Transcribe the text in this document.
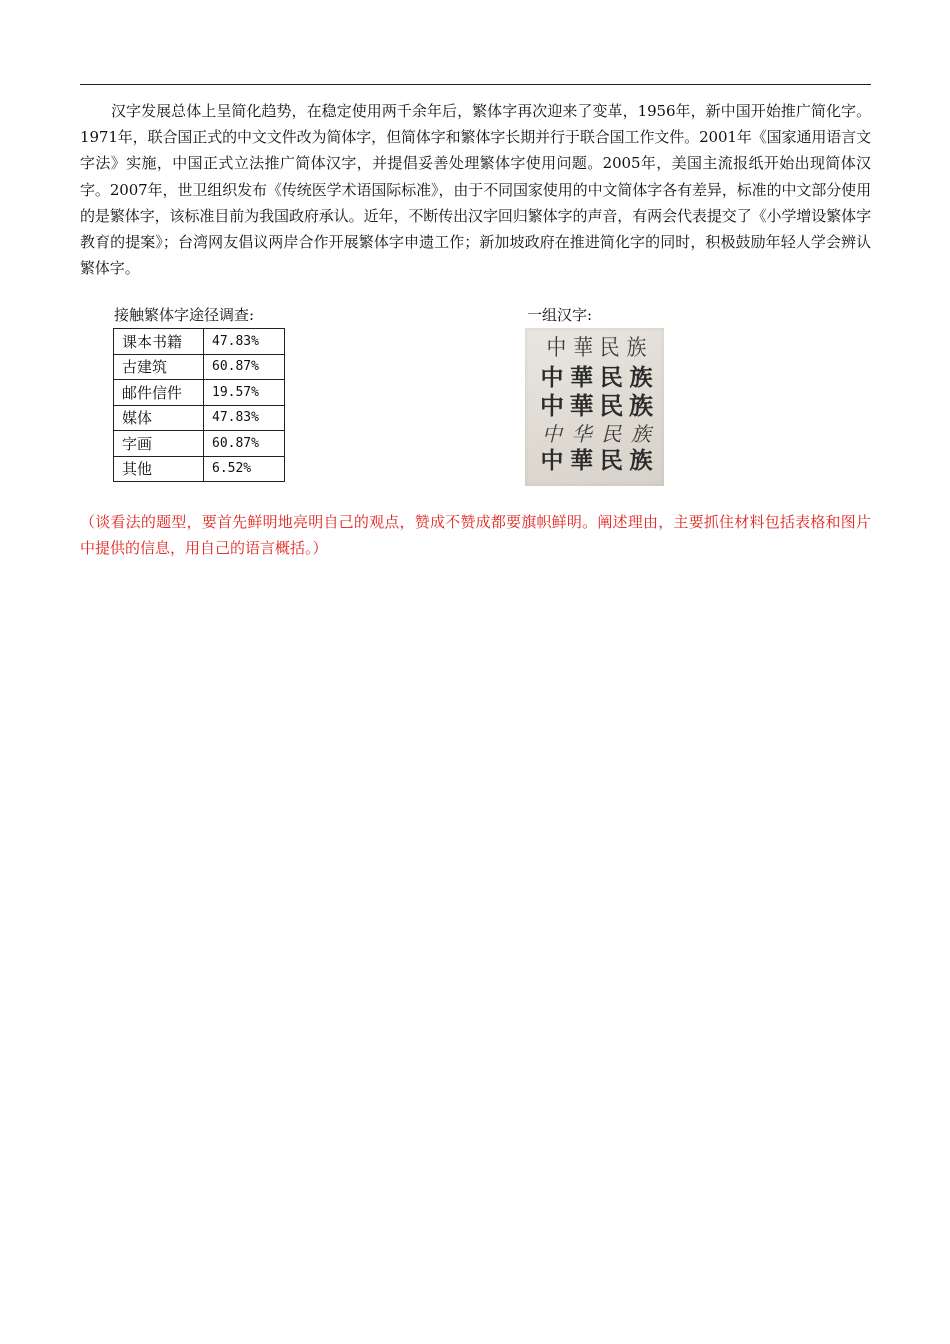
汉字发展总体上呈简化趋势，在稳定使用两千余年后，繁体字再次迎来了变革，1956年，新中国开始推广简化字。1971年，联合国正式的中文文件改为简体字，但简体字和繁体字长期并行于联合国工作文件。2001年《国家通用语言文字法》实施，中国正式立法推广简体汉字，并提倡妥善处理繁体字使用问题。2005年，美国主流报纸开始出现简体汉字。2007年，世卫组织发布《传统医学术语国际标准》，由于不同国家使用的中文简体字各有差异，标准的中文部分使用的是繁体字，该标准目前为我国政府承认。近年，不断传出汉字回归繁体字的声音，有两会代表提交了《小学增设繁体字教育的提案》；台湾网友倡议两岸合作开展繁体字申遗工作；新加坡政府在推进简化字的同时，积极鼓励年轻人学会辨认繁体字。

接触繁体字途径调查:
课本书籍	47.83%
古建筑	60.87%
邮件信件	19.57%
媒体	47.83%
字画	60.87%
其他	6.52%
一组汉字:
中 華 民 族
中 華 民 族
中 華 民 族
中 华 民 族
中 華 民 族

（谈看法的题型，要首先鲜明地亮明自己的观点，赞成不赞成都要旗帜鲜明。阐述理由，主要抓住材料包括表格和图片中提供的信息，用自己的语言概括。）
